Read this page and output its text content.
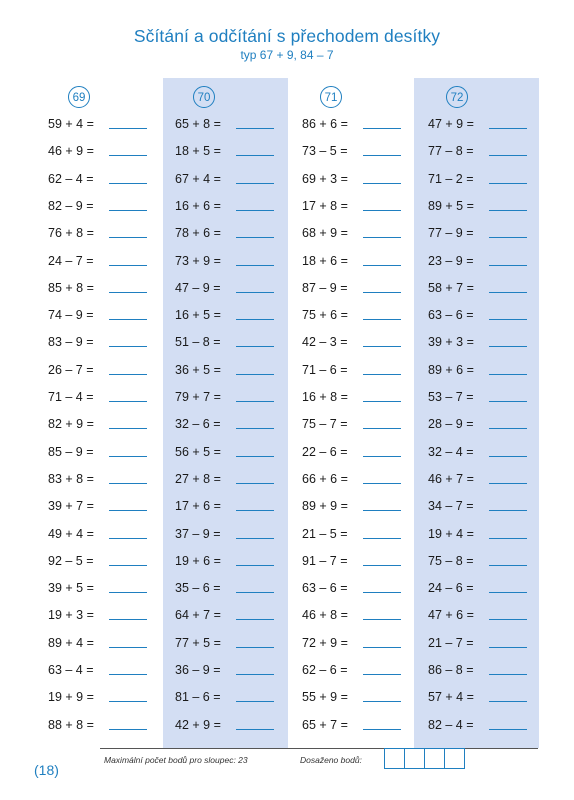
Sčítání a odčítání s přechodem desítky
typ 67 + 9, 84 – 7
69
59 + 4 =
46 + 9 =
62 – 4 =
82 – 9 =
76 + 8 =
24 – 7 =
85 + 8 =
74 – 9 =
83 – 9 =
26 – 7 =
71 – 4 =
82 + 9 =
85 – 9 =
83 + 8 =
39 + 7 =
49 + 4 =
92 – 5 =
39 + 5 =
19 + 3 =
89 + 4 =
63 – 4 =
19 + 9 =
88 + 8 =
70
65 + 8 =
18 + 5 =
67 + 4 =
16 + 6 =
78 + 6 =
73 + 9 =
47 – 9 =
16 + 5 =
51 – 8 =
36 + 5 =
79 + 7 =
32 – 6 =
56 + 5 =
27 + 8 =
17 + 6 =
37 – 9 =
19 + 6 =
35 – 6 =
64 + 7 =
77 + 5 =
36 – 9 =
81 – 6 =
42 + 9 =
71
86 + 6 =
73 – 5 =
69 + 3 =
17 + 8 =
68 + 9 =
18 + 6 =
87 – 9 =
75 + 6 =
42 – 3 =
71 – 6 =
16 + 8 =
75 – 7 =
22 – 6 =
66 + 6 =
89 + 9 =
21 – 5 =
91 – 7 =
63 – 6 =
46 + 8 =
72 + 9 =
62 – 6 =
55 + 9 =
65 + 7 =
72
47 + 9 =
77 – 8 =
71 – 2 =
89 + 5 =
77 – 9 =
23 – 9 =
58 + 7 =
63 – 6 =
39 + 3 =
89 + 6 =
53 – 7 =
28 – 9 =
32 – 4 =
46 + 7 =
34 – 7 =
19 + 4 =
75 – 8 =
24 – 6 =
47 + 6 =
21 – 7 =
86 – 8 =
57 + 4 =
82 – 4 =
Maximální počet bodů pro sloupec: 23	Dosaženo bodů:
(18)
